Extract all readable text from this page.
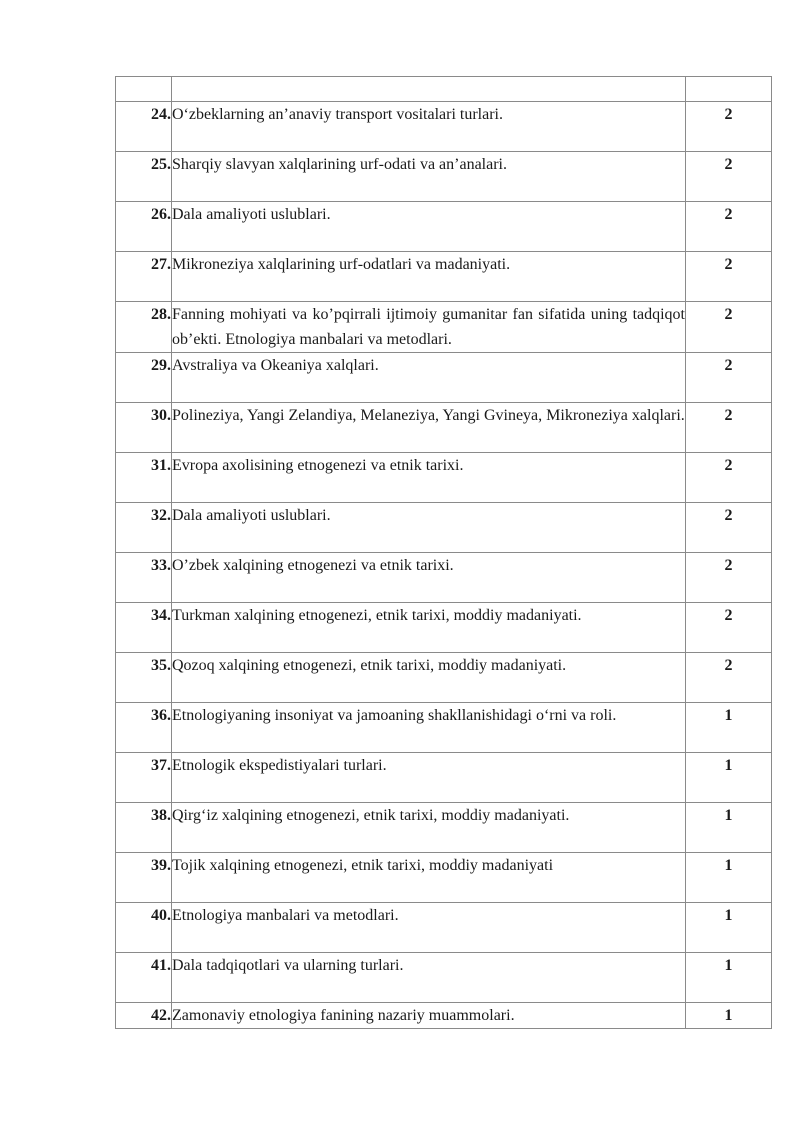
24.	O‘zbeklarning an’anaviy transport vositalari turlari.	2
25.	Sharqiy slavyan xalqlarining urf-odati va an’analari.	2
26.	Dala amaliyoti uslublari.	2
27.	Mikroneziya xalqlarining urf-odatlari va madaniyati.	2
28.	Fanning mohiyati va ko’pqirrali ijtimoiy gumanitar fan sifatida uning tadqiqot ob’ekti. Etnologiya manbalari va metodlari.	2
29.	Avstraliya va Okeaniya xalqlari.	2
30.	Polineziya, Yangi Zelandiya, Melaneziya, Yangi Gvineya, Mikroneziya xalqlari.	2
31.	Evropa axolisining etnogenezi va etnik tarixi.	2
32.	Dala amaliyoti uslublari.	2
33.	O’zbek xalqining etnogenezi va etnik tarixi.	2
34.	Turkman xalqining etnogenezi, etnik tarixi, moddiy madaniyati.	2
35.	Qozoq xalqining etnogenezi, etnik tarixi, moddiy madaniyati.	2
36.	Etnologiyaning insoniyat va jamoaning shakllanishidagi o‘rni va roli.	1
37.	Etnologik ekspedistiyalari turlari.	1
38.	Qirg‘iz xalqining etnogenezi, etnik tarixi, moddiy madaniyati.	1
39.	Tojik xalqining etnogenezi, etnik tarixi, moddiy madaniyati	1
40.	Etnologiya manbalari va metodlari.	1
41.	Dala tadqiqotlari va ularning turlari.	1
42.	Zamonaviy etnologiya fanining nazariy muammolari.	1
